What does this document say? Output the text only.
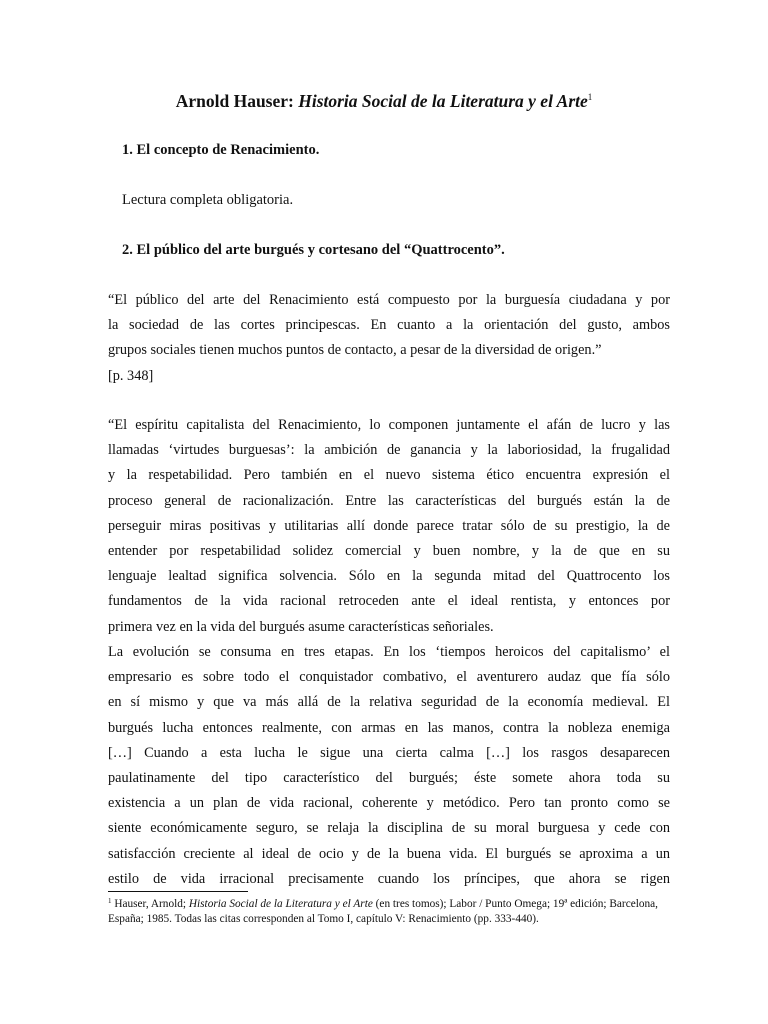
Arnold Hauser: Historia Social de la Literatura y el Arte$^1$
1. El concepto de Renacimiento.
Lectura completa obligatoria.
2. El público del arte burgués y cortesano del “Quattrocento”.
“El público del arte del Renacimiento está compuesto por la burguesía ciudadana y por
la sociedad de las cortes principescas. En cuanto a la orientación del gusto, ambos
grupos sociales tienen muchos puntos de contacto, a pesar de la diversidad de origen.”
[p. 348]
“El espíritu capitalista del Renacimiento, lo componen juntamente el afán de lucro y las
llamadas ‘virtudes burguesas’: la ambición de ganancia y la laboriosidad, la frugalidad
y la respetabilidad. Pero también en el nuevo sistema ético encuentra expresión el
proceso general de racionalización. Entre las características del burgués están la de
perseguir miras positivas y utilitarias allí donde parece tratar sólo de su prestigio, la de
entender por respetabilidad solidez comercial y buen nombre, y la de que en su
lenguaje lealtad significa solvencia. Sólo en la segunda mitad del Quattrocento los
fundamentos de la vida racional retroceden ante el ideal rentista, y entonces por
primera vez en la vida del burgués asume características señoriales.
La evolución se consuma en tres etapas. En los ‘tiempos heroicos del capitalismo’ el
empresario es sobre todo el conquistador combativo, el aventurero audaz que fía sólo
en sí mismo y que va más allá de la relativa seguridad de la economía medieval. El
burgués lucha entonces realmente, con armas en las manos, contra la nobleza enemiga
[…] Cuando a esta lucha le sigue una cierta calma […] los rasgos desaparecen
paulatinamente del tipo característico del burgués; éste somete ahora toda su
existencia a un plan de vida racional, coherente y metódico. Pero tan pronto como se
siente económicamente seguro, se relaja la disciplina de su moral burguesa y cede con
satisfacción creciente al ideal de ocio y de la buena vida. El burgués se aproxima a un
estilo de vida irracional precisamente cuando los príncipes, que ahora se rigen
$^1$ Hauser, Arnold; Historia Social de la Literatura y el Arte (en tres tomos); Labor / Punto Omega; 19ª edición; Barcelona, España; 1985. Todas las citas corresponden al Tomo I, capítulo V: Renacimiento (pp. 333-440).
